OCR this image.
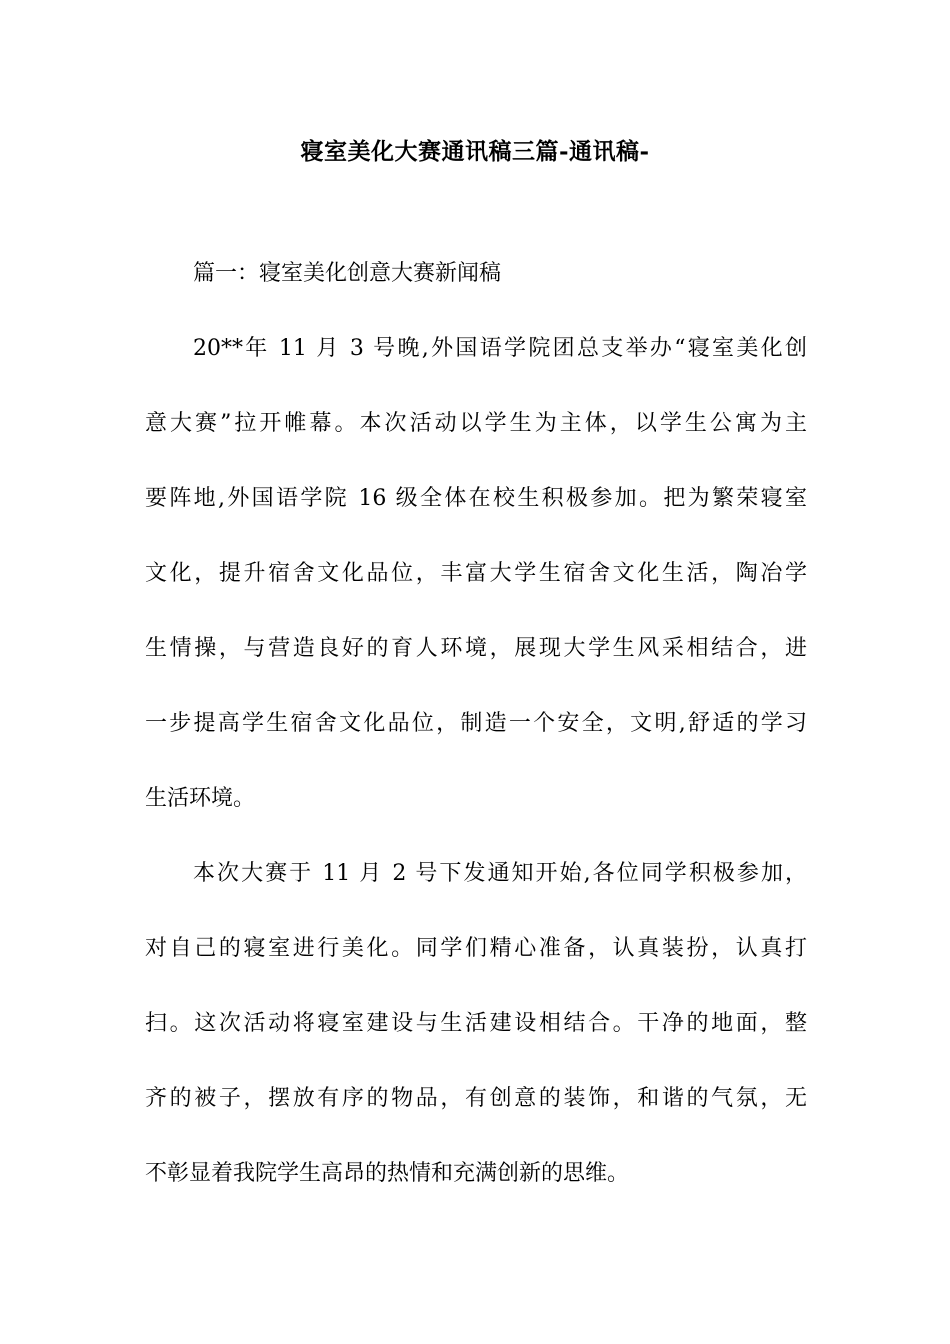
寝室美化大赛通讯稿三篇-通讯稿-

篇一：寝室美化创意大赛新闻稿

20**年 11 月 3 号晚,外国语学院团总支举办“寝室美化创
意大赛”拉开帷幕。本次活动以学生为主体，以学生公寓为主
要阵地,外国语学院 16 级全体在校生积极参加。把为繁荣寝室
文化，提升宿舍文化品位，丰富大学生宿舍文化生活，陶冶学
生情操，与营造良好的育人环境，展现大学生风采相结合，进
一步提高学生宿舍文化品位，制造一个安全，文明,舒适的学习
生活环境。

本次大赛于 11 月 2 号下发通知开始,各位同学积极参加，
对自己的寝室进行美化。同学们精心准备，认真装扮，认真打
扫。这次活动将寝室建设与生活建设相结合。干净的地面，整
齐的被子，摆放有序的物品，有创意的装饰，和谐的气氛，无
不彰显着我院学生高昂的热情和充满创新的思维。
